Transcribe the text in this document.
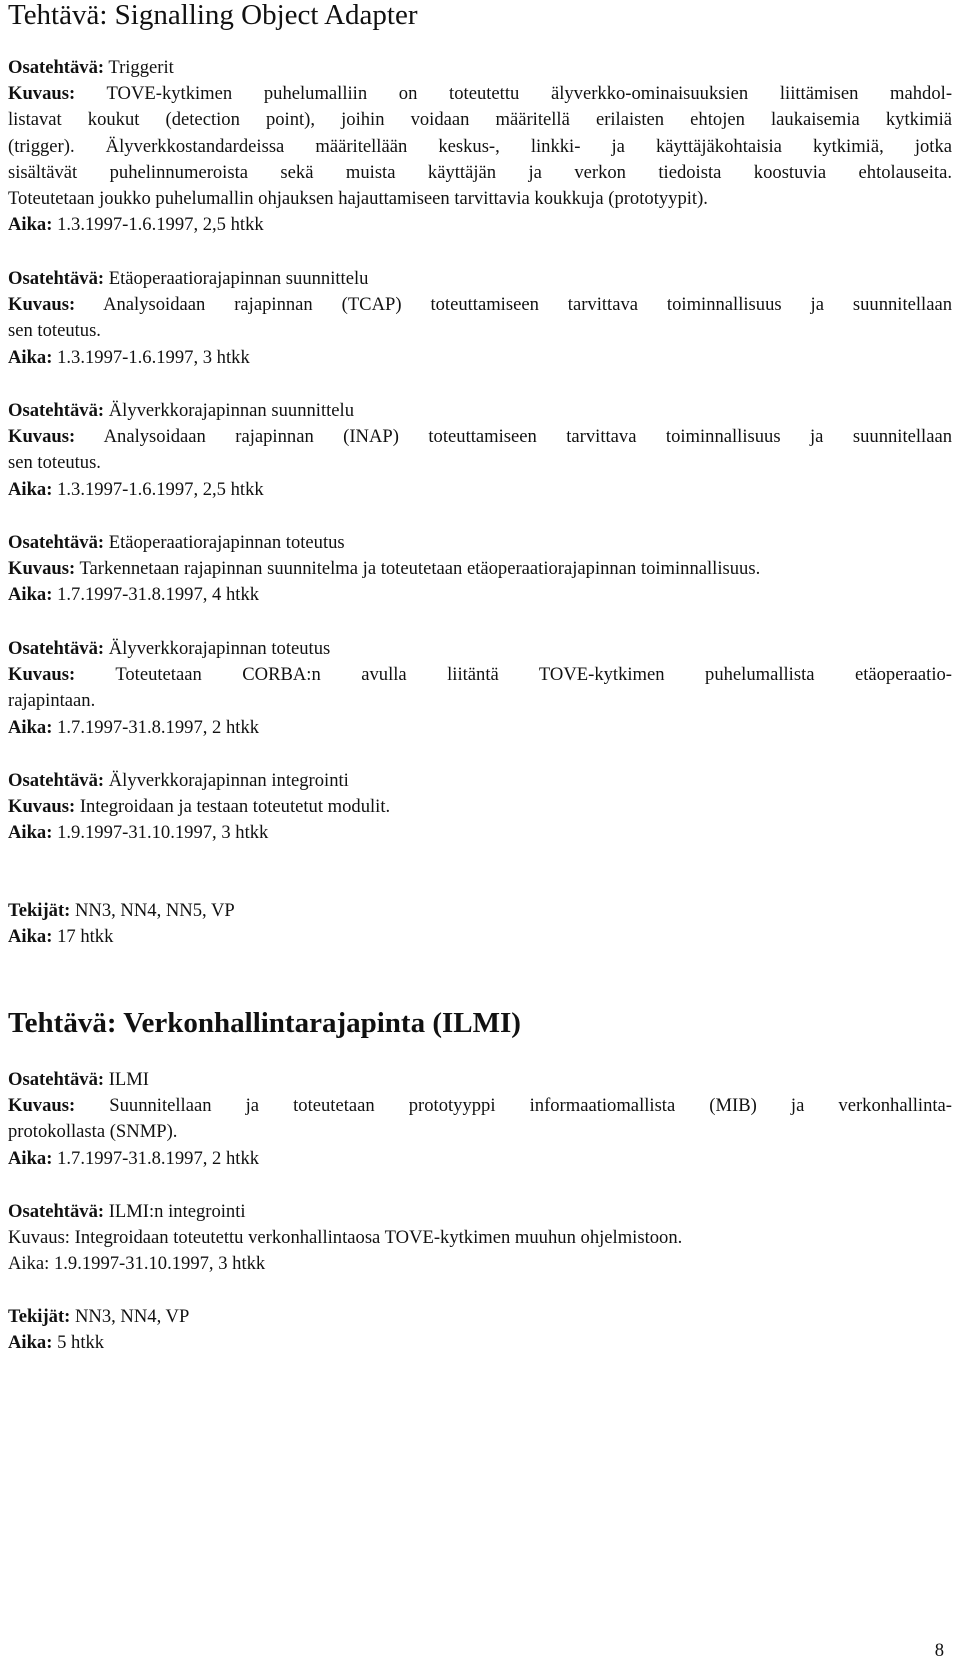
Tehtävä: Signalling Object Adapter
Osatehtävä: Triggerit
Kuvaus: TOVE-kytkimen puhelumalliin on toteutettu älyverkko-ominaisuuksien liittämisen mahdol-
listavat koukut (detection point), joihin voidaan määritellä erilaisten ehtojen laukaisemia kytkimiä
(trigger). Älyverkkostandardeissa määritellään keskus-, linkki- ja käyttäjäkohtaisia kytkimiä, jotka
sisältävät puhelinnumeroista sekä muista käyttäjän ja verkon tiedoista koostuvia ehtolauseita.
Toteutetaan joukko puhelumallin ohjauksen hajauttamiseen tarvittavia koukkuja (prototyypit).
Aika: 1.3.1997-1.6.1997, 2,5 htkk
Osatehtävä: Etäoperaatiorajapinnan suunnittelu
Kuvaus: Analysoidaan rajapinnan (TCAP) toteuttamiseen tarvittava toiminnallisuus ja suunnitellaan
sen toteutus.
Aika: 1.3.1997-1.6.1997, 3 htkk
Osatehtävä: Älyverkkorajapinnan suunnittelu
Kuvaus: Analysoidaan rajapinnan (INAP) toteuttamiseen tarvittava toiminnallisuus ja suunnitellaan
sen toteutus.
Aika: 1.3.1997-1.6.1997, 2,5 htkk
Osatehtävä: Etäoperaatiorajapinnan toteutus
Kuvaus: Tarkennetaan rajapinnan suunnitelma ja toteutetaan etäoperaatiorajapinnan toiminnallisuus.
Aika: 1.7.1997-31.8.1997, 4 htkk
Osatehtävä: Älyverkkorajapinnan toteutus
Kuvaus: Toteutetaan CORBA:n avulla liitäntä TOVE-kytkimen puhelumallista etäoperaatio-
rajapintaan.
Aika: 1.7.1997-31.8.1997, 2 htkk
Osatehtävä: Älyverkkorajapinnan integrointi
Kuvaus: Integroidaan ja testaan toteutetut modulit.
Aika: 1.9.1997-31.10.1997, 3 htkk
Tekijät: NN3, NN4, NN5, VP
Aika: 17 htkk
Tehtävä: Verkonhallintarajapinta (ILMI)
Osatehtävä: ILMI
Kuvaus: Suunnitellaan ja toteutetaan prototyyppi informaatiomallista (MIB) ja verkonhallinta-
protokollasta (SNMP).
Aika: 1.7.1997-31.8.1997, 2 htkk
Osatehtävä: ILMI:n integrointi
Kuvaus: Integroidaan toteutettu verkonhallintaosa TOVE-kytkimen muuhun ohjelmistoon.
Aika: 1.9.1997-31.10.1997, 3 htkk
Tekijät: NN3, NN4, VP
Aika: 5 htkk
8
